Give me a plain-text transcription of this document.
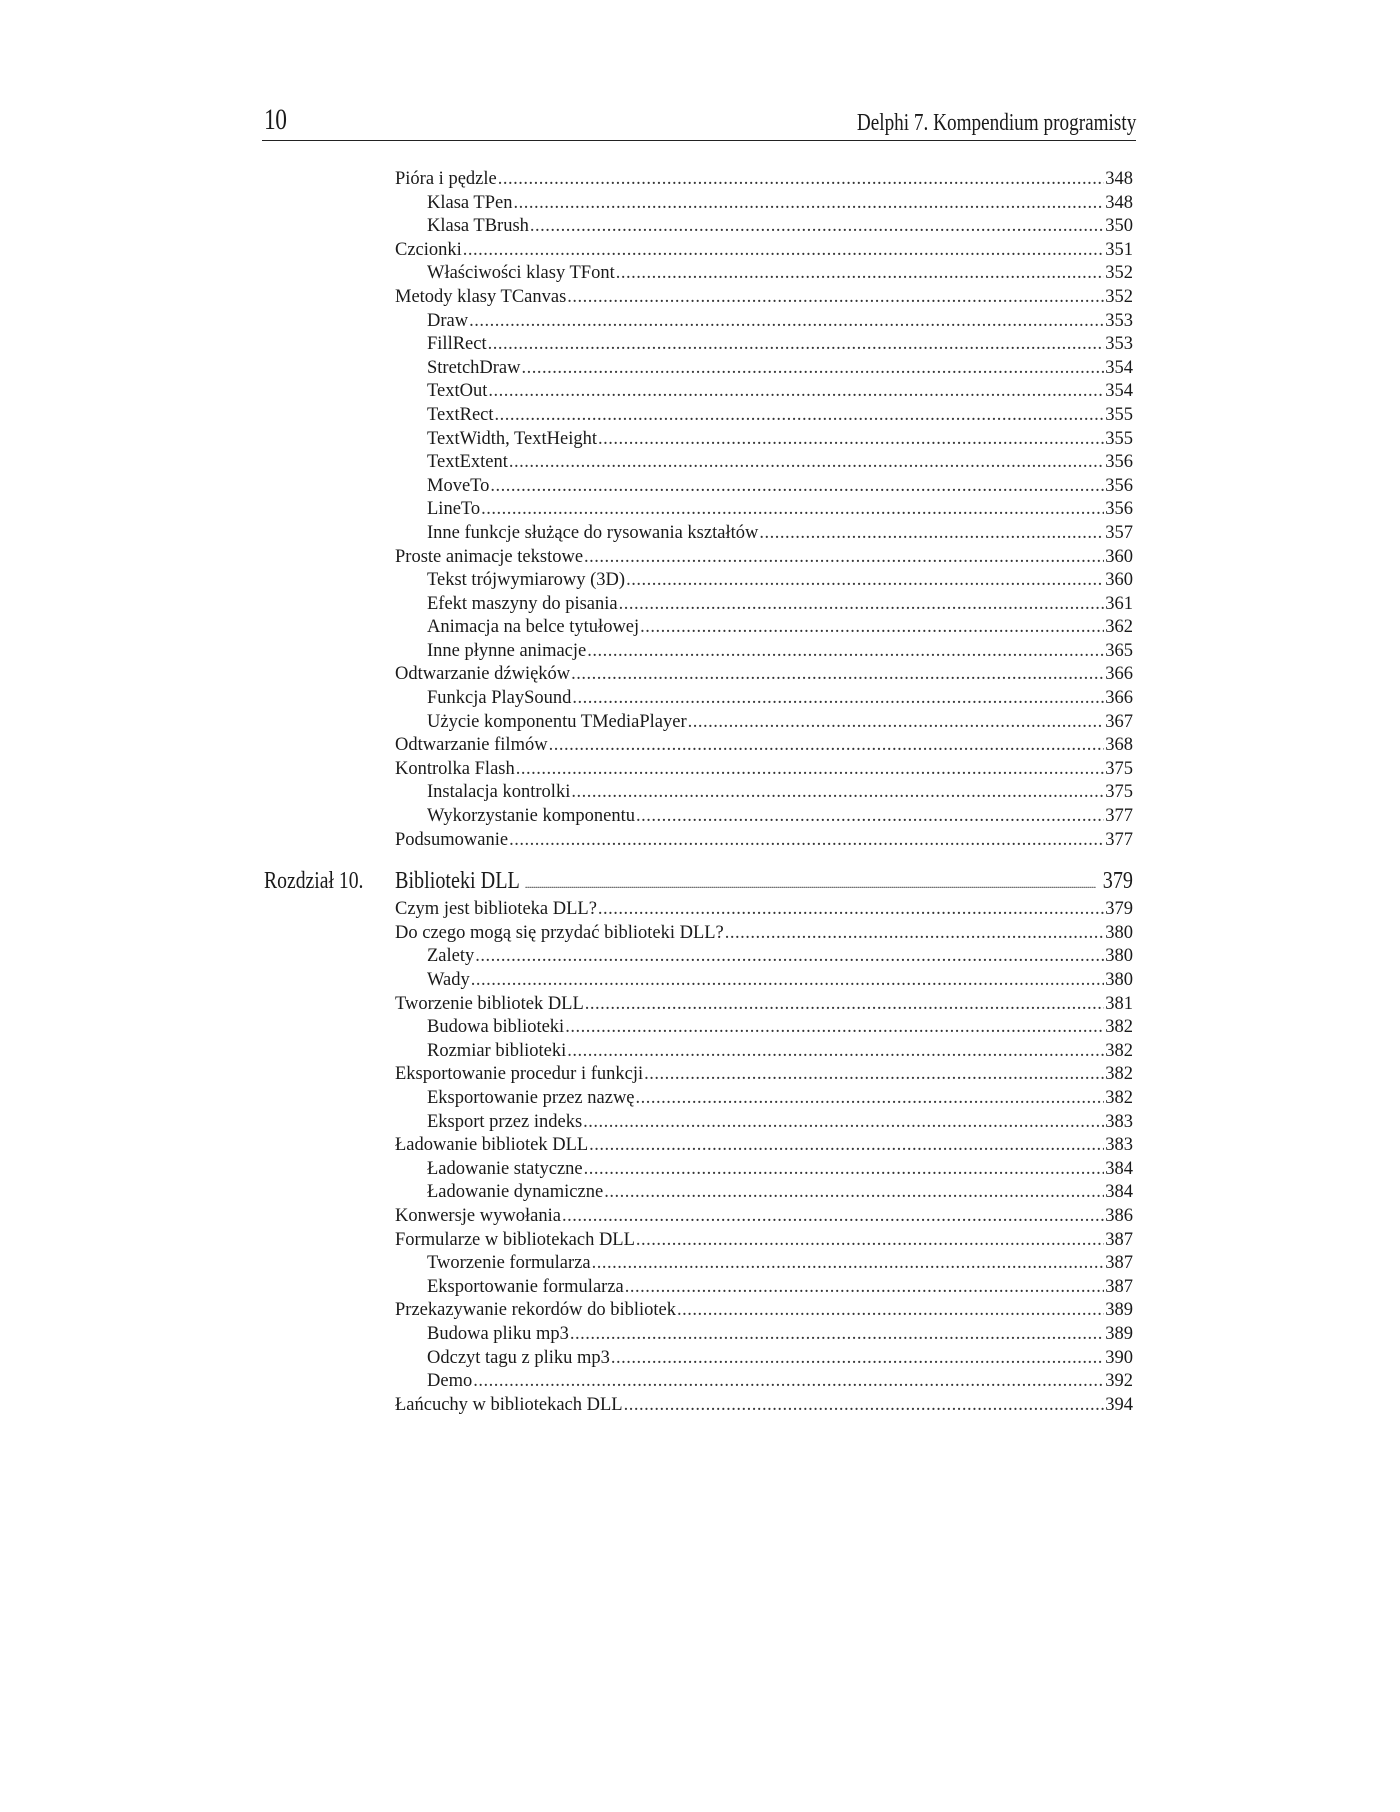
10	Delphi 7. Kompendium programisty
Rozdział 10.
Pióra i pędzle .....	348
Klasa TPen .....	348
Klasa TBrush .....	350
Czcionki .....	351
Właściwości klasy TFont .....	352
Metody klasy TCanvas .....	352
Draw .....	353
FillRect .....	353
StretchDraw .....	354
TextOut .....	354
TextRect .....	355
TextWidth, TextHeight .....	355
TextExtent .....	356
MoveTo .....	356
LineTo .....	356
Inne funkcje służące do rysowania kształtów .....	357
Proste animacje tekstowe .....	360
Tekst trójwymiarowy (3D) .....	360
Efekt maszyny do pisania .....	361
Animacja na belce tytułowej .....	362
Inne płynne animacje .....	365
Odtwarzanie dźwięków .....	366
Funkcja PlaySound .....	366
Użycie komponentu TMediaPlayer .....	367
Odtwarzanie filmów .....	368
Kontrolka Flash .....	375
Instalacja kontrolki .....	375
Wykorzystanie komponentu .....	377
Podsumowanie .....	377
Biblioteki DLL .....	379
Czym jest biblioteka DLL? .....	379
Do czego mogą się przydać biblioteki DLL? .....	380
Zalety .....	380
Wady .....	380
Tworzenie bibliotek DLL .....	381
Budowa biblioteki .....	382
Rozmiar biblioteki .....	382
Eksportowanie procedur i funkcji .....	382
Eksportowanie przez nazwę .....	382
Eksport przez indeks .....	383
Ładowanie bibliotek DLL .....	383
Ładowanie statyczne .....	384
Ładowanie dynamiczne .....	384
Konwersje wywołania .....	386
Formularze w bibliotekach DLL .....	387
Tworzenie formularza .....	387
Eksportowanie formularza .....	387
Przekazywanie rekordów do bibliotek .....	389
Budowa pliku mp3 .....	389
Odczyt tagu z pliku mp3 .....	390
Demo .....	392
Łańcuchy w bibliotekach DLL .....	394
